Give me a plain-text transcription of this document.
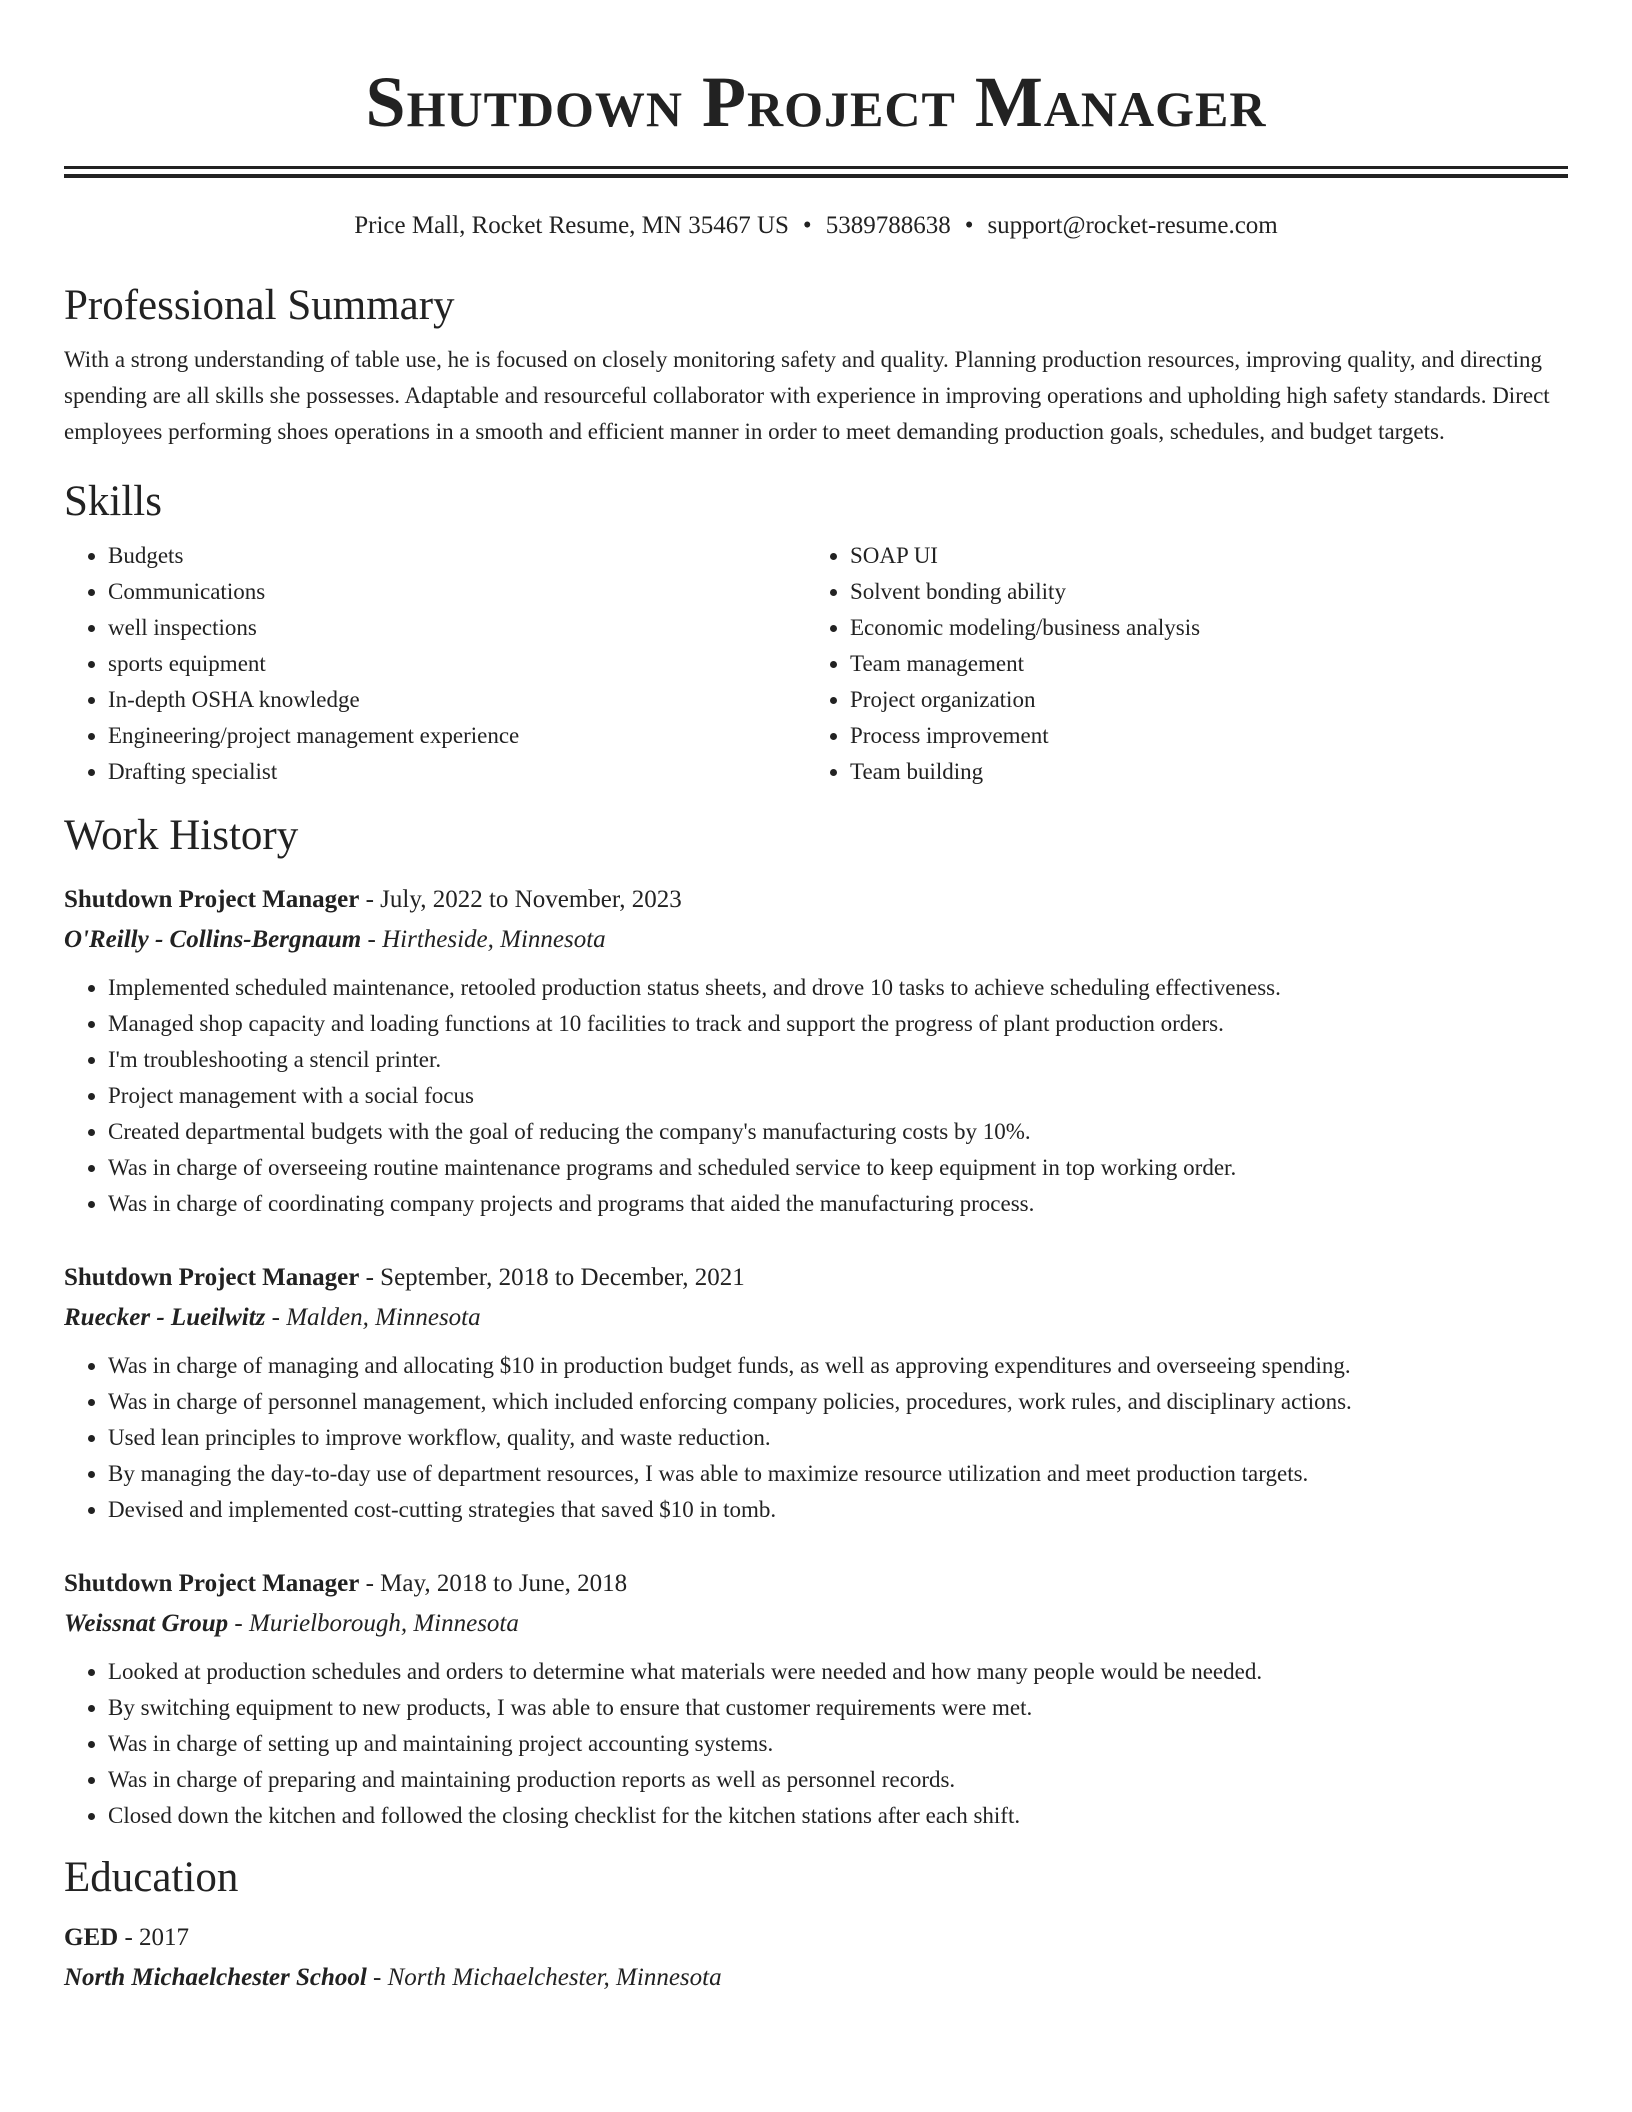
Shutdown Project Manager
Price Mall, Rocket Resume, MN 35467 US • 5389788638 • support@rocket-resume.com
Professional Summary
With a strong understanding of table use, he is focused on closely monitoring safety and quality. Planning production resources, improving quality, and directing spending are all skills she possesses. Adaptable and resourceful collaborator with experience in improving operations and upholding high safety standards. Direct employees performing shoes operations in a smooth and efficient manner in order to meet demanding production goals, schedules, and budget targets.
Skills
• Budgets
• Communications
• well inspections
• sports equipment
• In-depth OSHA knowledge
• Engineering/project management experience
• Drafting specialist
• SOAP UI
• Solvent bonding ability
• Economic modeling/business analysis
• Team management
• Project organization
• Process improvement
• Team building
Work History
Shutdown Project Manager - July, 2022 to November, 2023
O'Reilly - Collins-Bergnaum - Hirtheside, Minnesota
• Implemented scheduled maintenance, retooled production status sheets, and drove 10 tasks to achieve scheduling effectiveness.
• Managed shop capacity and loading functions at 10 facilities to track and support the progress of plant production orders.
• I'm troubleshooting a stencil printer.
• Project management with a social focus
• Created departmental budgets with the goal of reducing the company's manufacturing costs by 10%.
• Was in charge of overseeing routine maintenance programs and scheduled service to keep equipment in top working order.
• Was in charge of coordinating company projects and programs that aided the manufacturing process.
Shutdown Project Manager - September, 2018 to December, 2021
Ruecker - Lueilwitz - Malden, Minnesota
• Was in charge of managing and allocating $10 in production budget funds, as well as approving expenditures and overseeing spending.
• Was in charge of personnel management, which included enforcing company policies, procedures, work rules, and disciplinary actions.
• Used lean principles to improve workflow, quality, and waste reduction.
• By managing the day-to-day use of department resources, I was able to maximize resource utilization and meet production targets.
• Devised and implemented cost-cutting strategies that saved $10 in tomb.
Shutdown Project Manager - May, 2018 to June, 2018
Weissnat Group - Murielborough, Minnesota
• Looked at production schedules and orders to determine what materials were needed and how many people would be needed.
• By switching equipment to new products, I was able to ensure that customer requirements were met.
• Was in charge of setting up and maintaining project accounting systems.
• Was in charge of preparing and maintaining production reports as well as personnel records.
• Closed down the kitchen and followed the closing checklist for the kitchen stations after each shift.
Education
GED - 2017
North Michaelchester School - North Michaelchester, Minnesota
